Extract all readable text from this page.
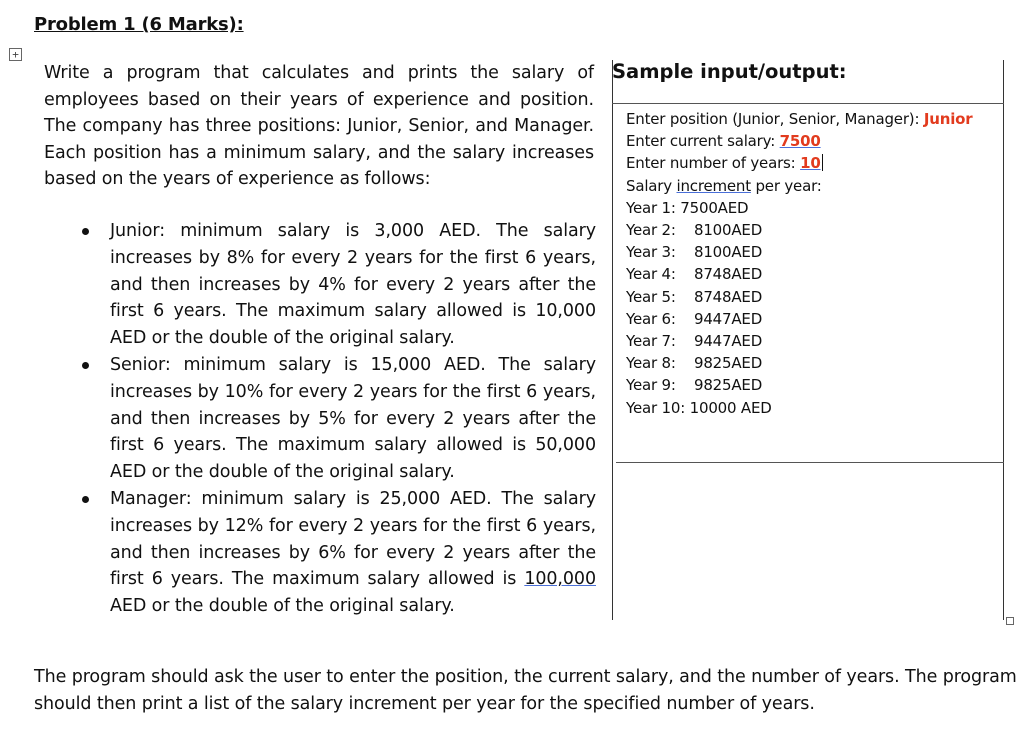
Problem 1 (6 Marks):
+
Write a program that calculates and prints the salary of employees based on their years of experience and position. The company has three positions: Junior, Senior, and Manager. Each position has a minimum salary, and the salary increases based on the years of experience as follows:
Junior: minimum salary is 3,000 AED. The salary increases by 8% for every 2 years for the first 6 years, and then increases by 4% for every 2 years after the first 6 years. The maximum salary allowed is 10,000 AED or the double of the original salary.
Senior: minimum salary is 15,000 AED. The salary increases by 10% for every 2 years for the first 6 years, and then increases by 5% for every 2 years after the first 6 years. The maximum salary allowed is 50,000 AED or the double of the original salary.
Manager: minimum salary is 25,000 AED. The salary increases by 12% for every 2 years for the first 6 years, and then increases by 6% for every 2 years after the first 6 years. The maximum salary allowed is 100,000 AED or the double of the original salary.
Sample input/output:
Enter position (Junior, Senior, Manager): Junior
Enter current salary: 7500
Enter number of years: 10
Salary increment per year:
Year 1: 7500AED
Year 2: 8100AED
Year 3: 8100AED
Year 4: 8748AED
Year 5: 8748AED
Year 6: 9447AED
Year 7: 9447AED
Year 8: 9825AED
Year 9: 9825AED
Year 10: 10000 AED
The program should ask the user to enter the position, the current salary, and the number of years. The program should then print a list of the salary increment per year for the specified number of years.
